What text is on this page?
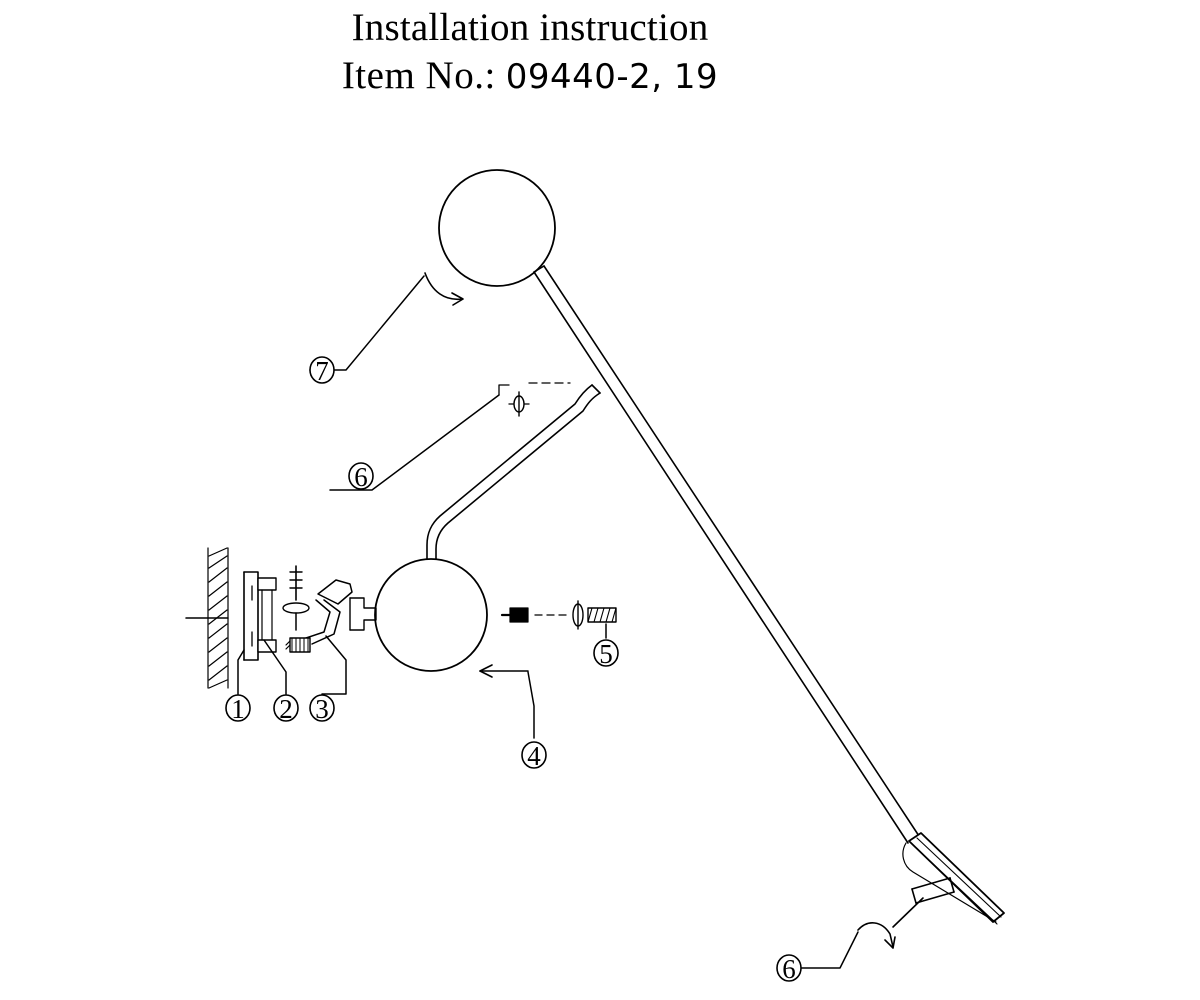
Installation instruction
Item No.: 09440-2, 19
7
6
1 2 3
4
5
6
